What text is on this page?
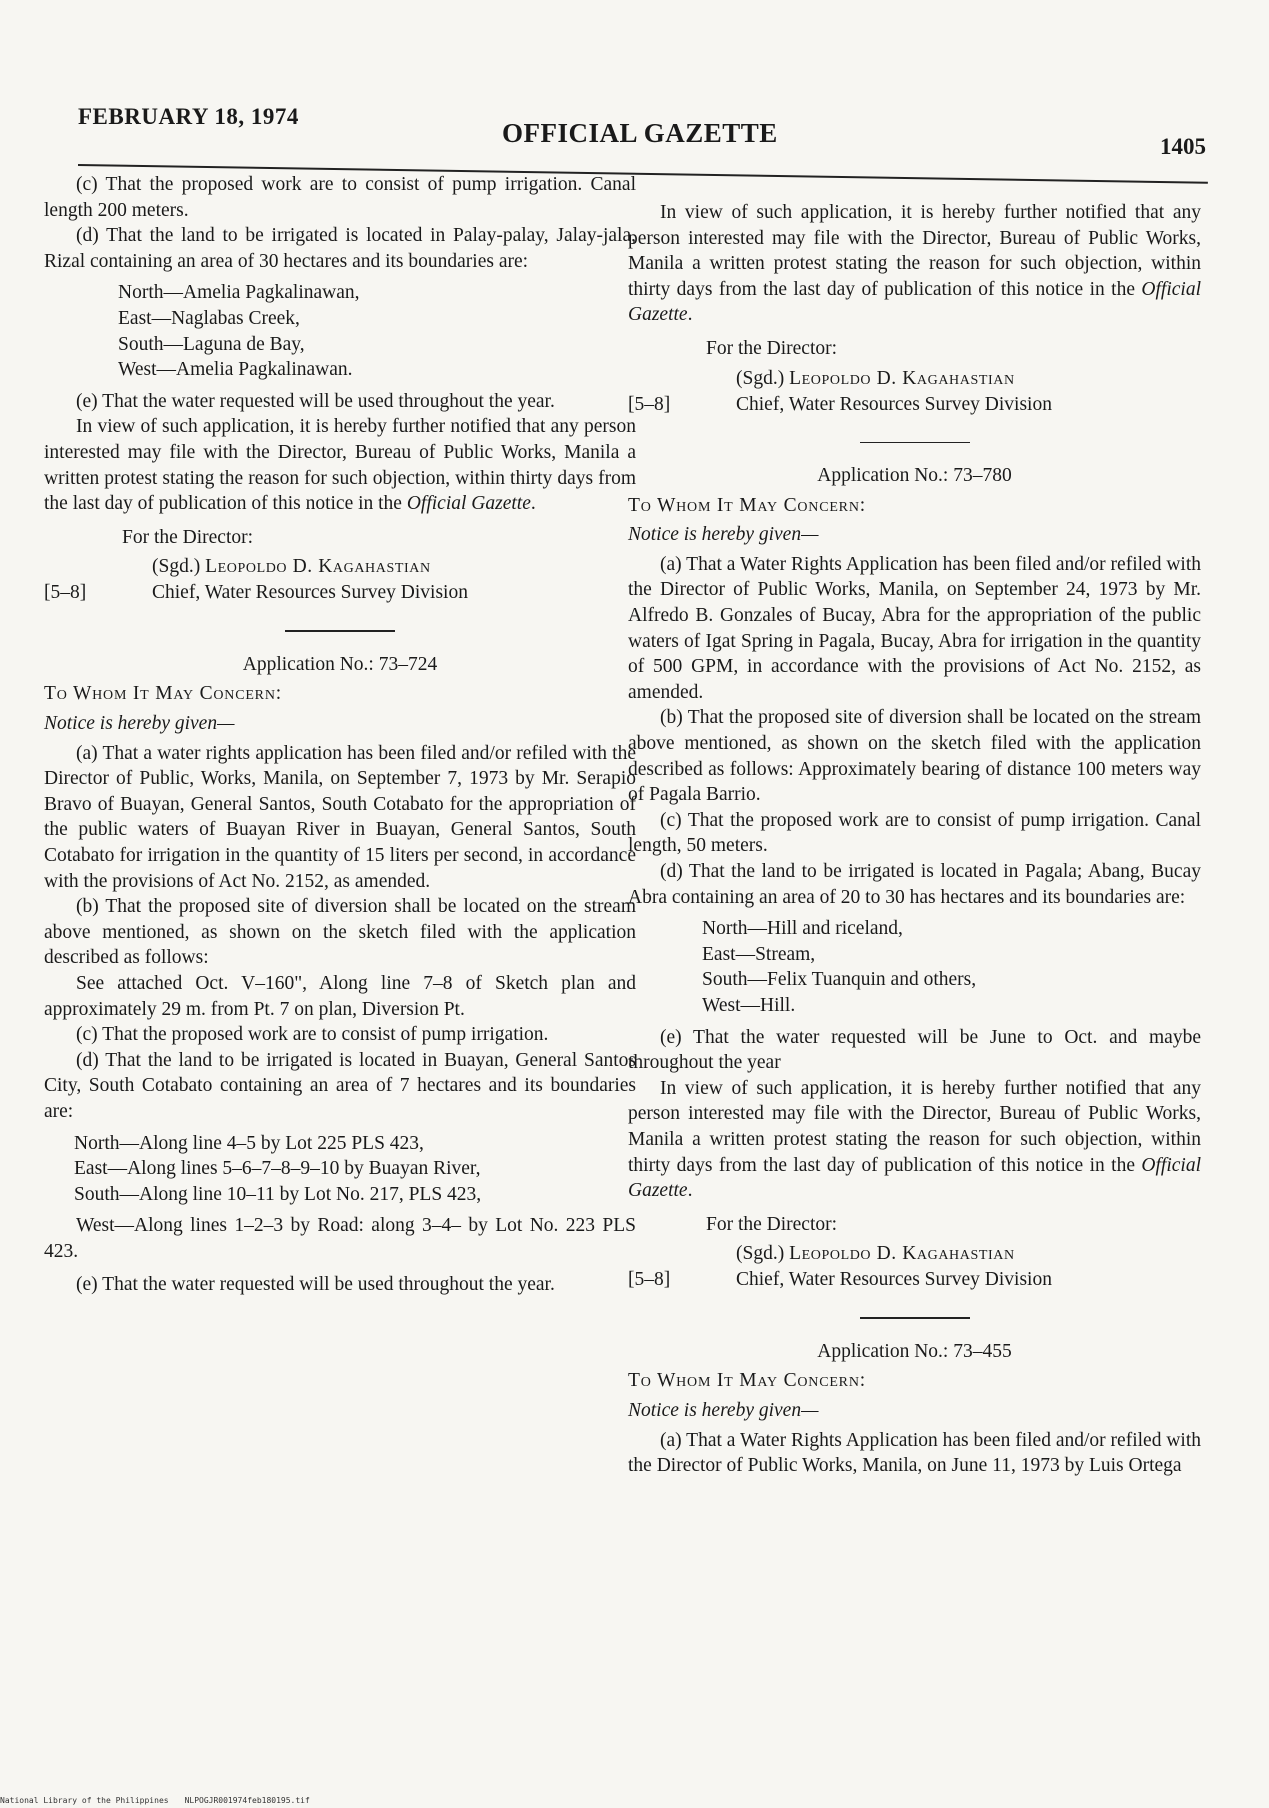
FEBRUARY 18, 1974
OFFICIAL GAZETTE	1405

(c) That the proposed work are to consist of pump irrigation. Canal length 200 meters.

(d) That the land to be irrigated is located in Palay-palay, Jalay-jala, Rizal containing an area of 30 hectares and its boundaries are:

North—Amelia Pagkalinawan,
East—Naglabas Creek,
South—Laguna de Bay,
West—Amelia Pagkalinawan.

(e) That the water requested will be used throughout the year.

In view of such application, it is hereby further notified that any person interested may file with the Director, Bureau of Public Works, Manila a written protest stating the reason for such objection, within thirty days from the last day of publication of this notice in the Official Gazette.

For the Director:
(Sgd.) Leopoldo D. Kagahastian
[5–8]	Chief, Water Resources Survey Division
Application No.: 73–724
To Whom It May Concern:
Notice is hereby given—

(a) That a water rights application has been filed and/or refiled with the Director of Public, Works, Manila, on September 7, 1973 by Mr. Serapio Bravo of Buayan, General Santos, South Cotabato for the appropriation of the public waters of Buayan River in Buayan, General Santos, South Cotabato for irrigation in the quantity of 15 liters per second, in accordance with the provisions of Act No. 2152, as amended.

(b) That the proposed site of diversion shall be located on the stream above mentioned, as shown on the sketch filed with the application described as follows:

See attached Oct. V–160", Along line 7–8 of Sketch plan and approximately 29 m. from Pt. 7 on plan, Diversion Pt.

(c) That the proposed work are to consist of pump irrigation.

(d) That the land to be irrigated is located in Buayan, General Santos City, South Cotabato containing an area of 7 hectares and its boundaries are:

North—Along line 4–5 by Lot 225 PLS 423,
East—Along lines 5–6–7–8–9–10 by Buayan River,
South—Along line 10–11 by Lot No. 217, PLS 423,

West—Along lines 1–2–3 by Road: along 3–4– by Lot No. 223 PLS 423.

(e) That the water requested will be used throughout the year.

In view of such application, it is hereby further notified that any person interested may file with the Director, Bureau of Public Works, Manila a written protest stating the reason for such objection, within thirty days from the last day of publication of this notice in the Official Gazette.

For the Director:
(Sgd.) Leopoldo D. Kagahastian
[5–8]	Chief, Water Resources Survey Division
Application No.: 73–780
To Whom It May Concern:
Notice is hereby given—

(a) That a Water Rights Application has been filed and/or refiled with the Director of Public Works, Manila, on September 24, 1973 by Mr. Alfredo B. Gonzales of Bucay, Abra for the appropriation of the public waters of Igat Spring in Pagala, Bucay, Abra for irrigation in the quantity of 500 GPM, in accordance with the provisions of Act No. 2152, as amended.

(b) That the proposed site of diversion shall be located on the stream above mentioned, as shown on the sketch filed with the application described as follows: Approximately bearing of distance 100 meters way of Pagala Barrio.

(c) That the proposed work are to consist of pump irrigation. Canal length, 50 meters.

(d) That the land to be irrigated is located in Pagala; Abang, Bucay Abra containing an area of 20 to 30 has hectares and its boundaries are:

North—Hill and riceland,
East—Stream,
South—Felix Tuanquin and others,
West—Hill.

(e) That the water requested will be June to Oct. and maybe throughout the year

In view of such application, it is hereby further notified that any person interested may file with the Director, Bureau of Public Works, Manila a written protest stating the reason for such objection, within thirty days from the last day of publication of this notice in the Official Gazette.

For the Director:
(Sgd.) Leopoldo D. Kagahastian
[5–8]	Chief, Water Resources Survey Division
Application No.: 73–455
To Whom It May Concern:
Notice is hereby given—

(a) That a Water Rights Application has been filed and/or refiled with the Director of Public Works, Manila, on June 11, 1973 by Luis Ortega

National Library of the Philippines NLPOGJR001974feb180195.tif
